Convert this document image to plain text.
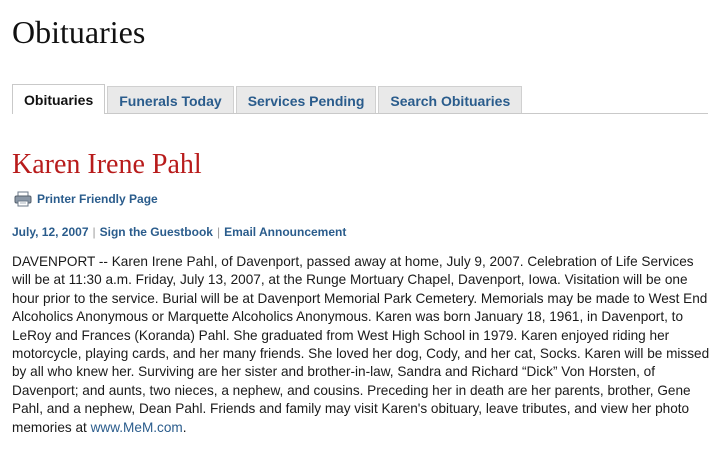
Obituaries
Obituaries	Funerals Today	Services Pending	Search Obituaries
Karen Irene Pahl
Printer Friendly Page
July, 12, 2007 | Sign the Guestbook | Email Announcement

DAVENPORT -- Karen Irene Pahl, of Davenport, passed away at home, July 9, 2007. Celebration of Life Services will be at 11:30 a.m. Friday, July 13, 2007, at the Runge Mortuary Chapel, Davenport, Iowa. Visitation will be one hour prior to the service. Burial will be at Davenport Memorial Park Cemetery. Memorials may be made to West End Alcoholics Anonymous or Marquette Alcoholics Anonymous. Karen was born January 18, 1961, in Davenport, to LeRoy and Frances (Koranda) Pahl. She graduated from West High School in 1979. Karen enjoyed riding her motorcycle, playing cards, and her many friends. She loved her dog, Cody, and her cat, Socks. Karen will be missed by all who knew her. Surviving are her sister and brother-in-law, Sandra and Richard “Dick” Von Horsten, of Davenport; and aunts, two nieces, a nephew, and cousins. Preceding her in death are her parents, brother, Gene Pahl, and a nephew, Dean Pahl. Friends and family may visit Karen's obituary, leave tributes, and view her photo memories at www.MeM.com.
